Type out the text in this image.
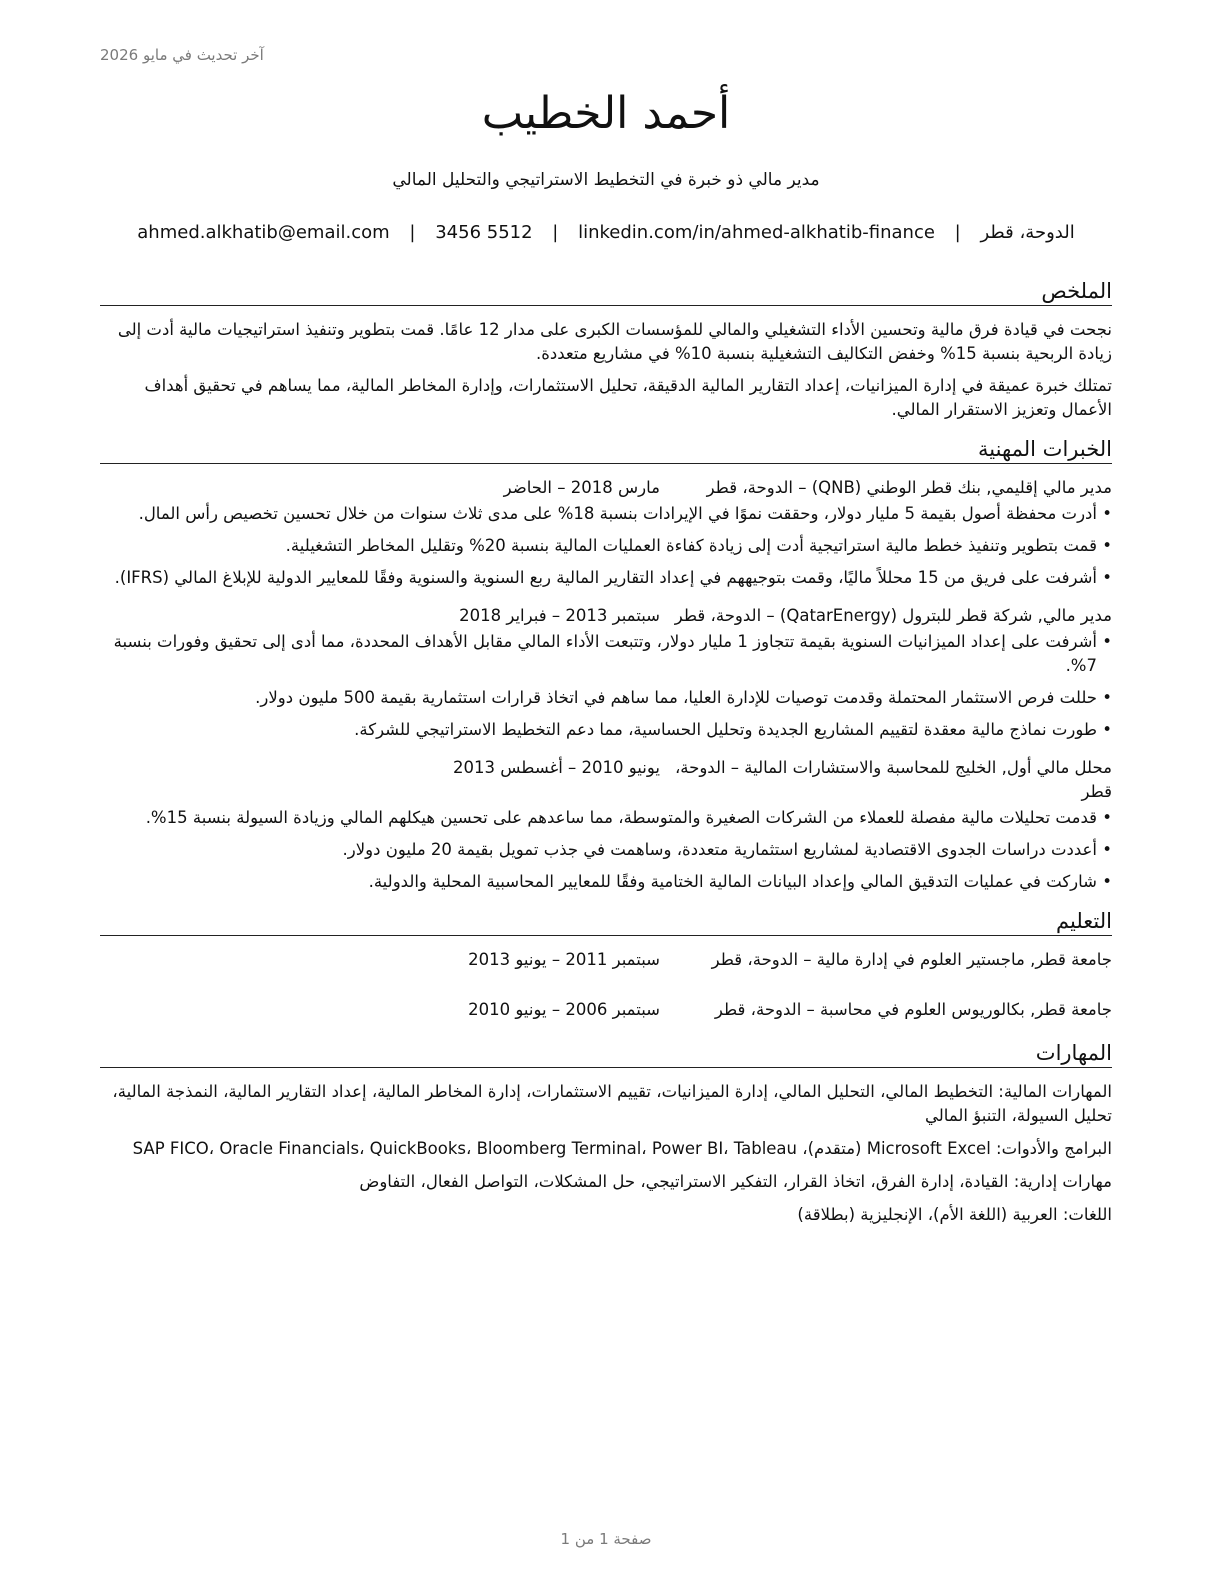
آخر تحديث في مايو 2026
أحمد الخطيب
مدير مالي ذو خبرة في التخطيط الاستراتيجي والتحليل المالي
الدوحة، قطر | ahmed.alkhatib@email.com | 3456 5512 | linkedin.com/in/ahmed-alkhatib-finance
الملخص

نجحت في قيادة فرق مالية وتحسين الأداء التشغيلي والمالي للمؤسسات الكبرى على مدار 12 عامًا. قمت بتطوير وتنفيذ استراتيجيات مالية أدت إلى زيادة الربحية بنسبة 15% وخفض التكاليف التشغيلية بنسبة 10% في مشاريع متعددة.

تمتلك خبرة عميقة في إدارة الميزانيات، إعداد التقارير المالية الدقيقة، تحليل الاستثمارات، وإدارة المخاطر المالية، مما يساهم في تحقيق أهداف الأعمال وتعزيز الاستقرار المالي.

الخبرات المهنية
مدير مالي إقليمي, بنك قطر الوطني (QNB) – الدوحة، قطر
مارس 2018 – الحاضر
•
أدرت محفظة أصول بقيمة 5 مليار دولار، وحققت نموًا في الإيرادات بنسبة 18% على مدى ثلاث سنوات من خلال تحسين تخصيص رأس المال.
•
قمت بتطوير وتنفيذ خطط مالية استراتيجية أدت إلى زيادة كفاءة العمليات المالية بنسبة 20% وتقليل المخاطر التشغيلية.
•
أشرفت على فريق من 15 محللاً ماليًا، وقمت بتوجيههم في إعداد التقارير المالية ربع السنوية والسنوية وفقًا للمعايير الدولية للإبلاغ المالي (IFRS).
مدير مالي, شركة قطر للبترول (QatarEnergy) – الدوحة، قطر
سبتمبر 2013 – فبراير 2018
•
أشرفت على إعداد الميزانيات السنوية بقيمة تتجاوز 1 مليار دولار، وتتبعت الأداء المالي مقابل الأهداف المحددة، مما أدى إلى تحقيق وفورات بنسبة 7%.
•
حللت فرص الاستثمار المحتملة وقدمت توصيات للإدارة العليا، مما ساهم في اتخاذ قرارات استثمارية بقيمة 500 مليون دولار.
•
طورت نماذج مالية معقدة لتقييم المشاريع الجديدة وتحليل الحساسية، مما دعم التخطيط الاستراتيجي للشركة.
محلل مالي أول, الخليج للمحاسبة والاستشارات المالية – الدوحة، قطر
يونيو 2010 – أغسطس 2013
•
قدمت تحليلات مالية مفصلة للعملاء من الشركات الصغيرة والمتوسطة، مما ساعدهم على تحسين هيكلهم المالي وزيادة السيولة بنسبة 15%.
•
أعددت دراسات الجدوى الاقتصادية لمشاريع استثمارية متعددة، وساهمت في جذب تمويل بقيمة 20 مليون دولار.
•
شاركت في عمليات التدقيق المالي وإعداد البيانات المالية الختامية وفقًا للمعايير المحاسبية المحلية والدولية.
التعليم
جامعة قطر, ماجستير العلوم في إدارة مالية – الدوحة، قطر
سبتمبر 2011 – يونيو 2013
جامعة قطر, بكالوريوس العلوم في محاسبة – الدوحة، قطر
سبتمبر 2006 – يونيو 2010
المهارات

المهارات المالية: التخطيط المالي، التحليل المالي، إدارة الميزانيات، تقييم الاستثمارات، إدارة المخاطر المالية، إعداد التقارير المالية، النمذجة المالية، تحليل السيولة، التنبؤ المالي

البرامج والأدوات: Microsoft Excel (متقدم)، SAP FICO، Oracle Financials، QuickBooks، Bloomberg Terminal، Power BI، Tableau

مهارات إدارية: القيادة، إدارة الفرق، اتخاذ القرار، التفكير الاستراتيجي، حل المشكلات، التواصل الفعال، التفاوض

اللغات: العربية (اللغة الأم)، الإنجليزية (بطلاقة)

صفحة 1 من 1
